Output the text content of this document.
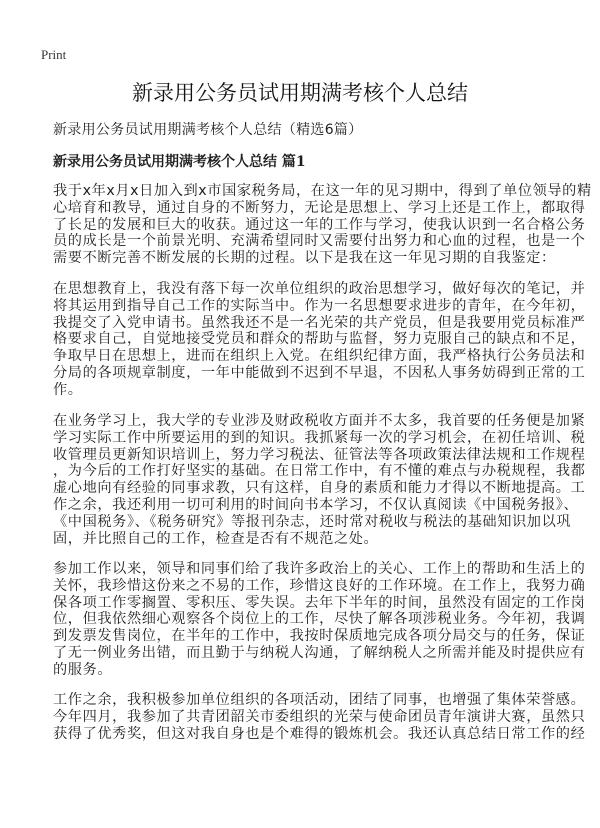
Print
新录用公务员试用期满考核个人总结
新录用公务员试用期满考核个人总结（精选6篇）
新录用公务员试用期满考核个人总结 篇1
我于x年x月x日加入到x市国家税务局，在这一年的见习期中，得到了单位领导的精
心培育和教导，通过自身的不断努力，无论是思想上、学习上还是工作上，都取得
了长足的发展和巨大的收获。通过这一年的工作与学习，使我认识到一名合格公务
员的成长是一个前景光明、充满希望同时又需要付出努力和心血的过程，也是一个
需要不断完善不断发展的长期的过程。以下是我在这一年见习期的自我鉴定：
在思想教育上，我没有落下每一次单位组织的政治思想学习，做好每次的笔记，并
将其运用到指导自己工作的实际当中。作为一名思想要求进步的青年，在今年初，
我提交了入党申请书。虽然我还不是一名光荣的共产党员，但是我要用党员标准严
格要求自己，自觉地接受党员和群众的帮助与监督，努力克服自己的缺点和不足，
争取早日在思想上，进而在组织上入党。在组织纪律方面，我严格执行公务员法和
分局的各项规章制度，一年中能做到不迟到不早退，不因私人事务妨碍到正常的工
作。
在业务学习上，我大学的专业涉及财政税收方面并不太多，我首要的任务便是加紧
学习实际工作中所要运用的到的知识。我抓紧每一次的学习机会，在初任培训、税
收管理员更新知识培训上，努力学习税法、征管法等各项政策法律法规和工作规程
，为今后的工作打好坚实的基础。在日常工作中，有不懂的难点与办税规程，我都
虚心地向有经验的同事求教，只有这样，自身的素质和能力才得以不断地提高。工
作之余，我还利用一切可利用的时间向书本学习，不仅认真阅读《中国税务报》、
《中国税务》、《税务研究》等报刊杂志，还时常对税收与税法的基础知识加以巩
固，并比照自己的工作，检查是否有不规范之处。
参加工作以来，领导和同事们给了我许多政治上的关心、工作上的帮助和生活上的
关怀，我珍惜这份来之不易的工作，珍惜这良好的工作环境。在工作上，我努力确
保各项工作零搁置、零积压、零失误。去年下半年的时间，虽然没有固定的工作岗
位，但我依然细心观察各个岗位上的工作，尽快了解各项涉税业务。今年初，我调
到发票发售岗位，在半年的工作中，我按时保质地完成各项分局交与的任务，保证
了无一例业务出错，而且勤于与纳税人沟通，了解纳税人之所需并能及时提供应有
的服务。
工作之余，我积极参加单位组织的各项活动，团结了同事，也增强了集体荣誉感。
今年四月，我参加了共青团韶关市委组织的光荣与使命团员青年演讲大赛，虽然只
获得了优秀奖，但这对我自身也是个难得的锻炼机会。我还认真总结日常工作的经
